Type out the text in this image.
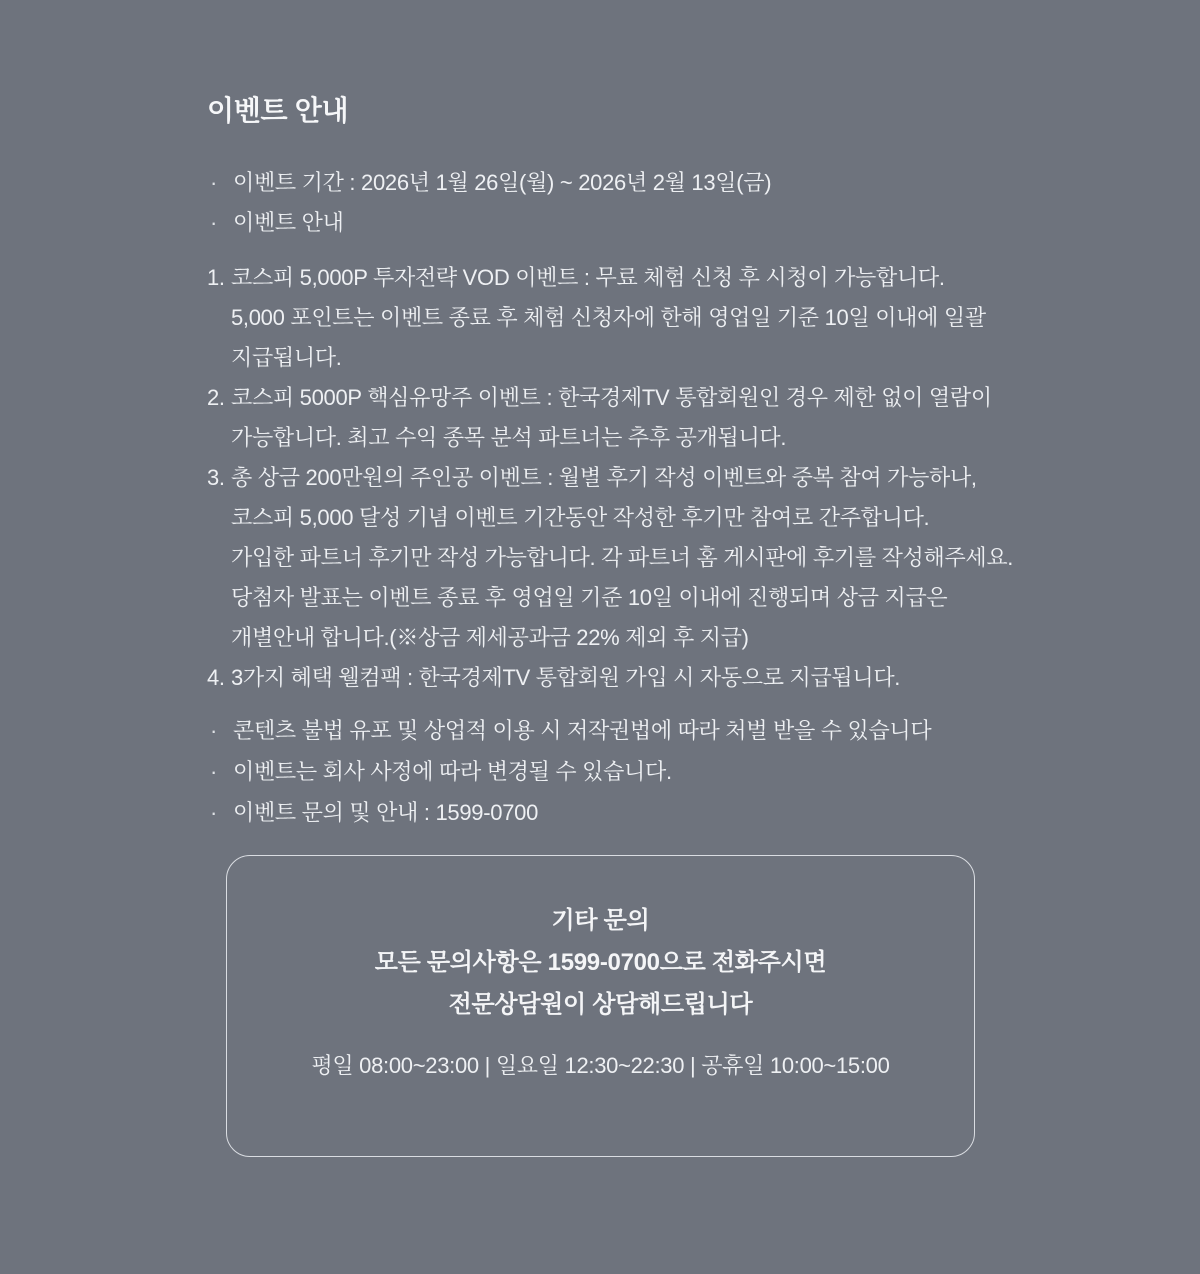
이벤트 안내
· 이벤트 기간 : 2026년 1월 26일(월) ~ 2026년 2월 13일(금)
· 이벤트 안내
1. 코스피 5,000P 투자전략 VOD 이벤트 : 무료 체험 신청 후 시청이 가능합니다.
5,000 포인트는 이벤트 종료 후 체험 신청자에 한해 영업일 기준 10일 이내에 일괄
지급됩니다.
2. 코스피 5000P 핵심유망주 이벤트 : 한국경제TV 통합회원인 경우 제한 없이 열람이
가능합니다. 최고 수익 종목 분석 파트너는 추후 공개됩니다.
3. 총 상금 200만원의 주인공 이벤트 : 월별 후기 작성 이벤트와 중복 참여 가능하나,
코스피 5,000 달성 기념 이벤트 기간동안 작성한 후기만 참여로 간주합니다.
가입한 파트너 후기만 작성 가능합니다. 각 파트너 홈 게시판에 후기를 작성해주세요.
당첨자 발표는 이벤트 종료 후 영업일 기준 10일 이내에 진행되며 상금 지급은
개별안내 합니다.(※상금 제세공과금 22% 제외 후 지급)
4. 3가지 혜택 웰컴팩 : 한국경제TV 통합회원 가입 시 자동으로 지급됩니다.
· 콘텐츠 불법 유포 및 상업적 이용 시 저작권법에 따라 처벌 받을 수 있습니다
· 이벤트는 회사 사정에 따라 변경될 수 있습니다.
· 이벤트 문의 및 안내 : 1599-0700
기타 문의
모든 문의사항은 1599-0700으로 전화주시면
전문상담원이 상담해드립니다
평일 08:00~23:00 | 일요일 12:30~22:30 | 공휴일 10:00~15:00
